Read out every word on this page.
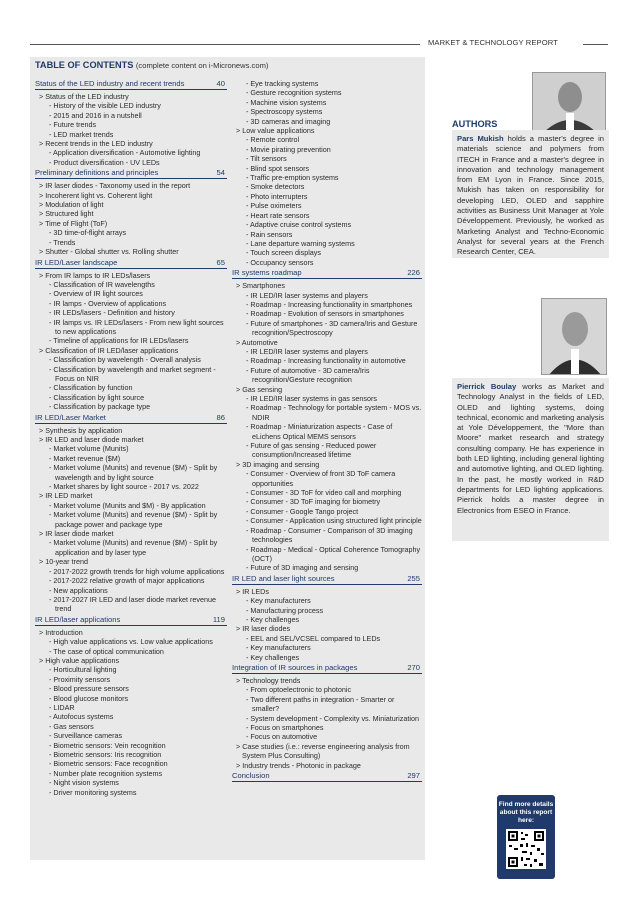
MARKET & TECHNOLOGY REPORT
TABLE OF CONTENTS (complete content on i-Micronews.com)
Status of the LED industry and recent trends	40
> Status of the LED industry
- History of the visible LED industry
- 2015 and 2016 in a nutshell
- Future trends
- LED market trends
> Recent trends in the LED industry
- Application diversification - Automotive lighting
- Product diversification - UV LEDs
Preliminary definitions and principles	54
> IR laser diodes - Taxonomy used in the report
> Incoherent light vs. Coherent light
> Modulation of light
> Structured light
> Time of Flight (ToF)
- 3D time-of-flight arrays
- Trends
> Shutter - Global shutter vs. Rolling shutter
IR LED/Laser landscape	65
> From IR lamps to IR LEDs/lasers
- Classification of IR wavelengths
- Overview of IR light sources
- IR lamps - Overview of applications
- IR LEDs/lasers - Definition and history
- IR lamps vs. IR LEDs/lasers - From new light sources to new applications
- Timeline of applications for IR LEDs/lasers
> Classification of IR LED/laser applications
- Classification by wavelength - Overall analysis
- Classification by wavelength and market segment - Focus on NIR
- Classification by function
- Classification by light source
- Classification by package type
IR LED/Laser Market	86
> Synthesis by application
> IR LED and laser diode market
- Market volume (Munits)
- Market revenue ($M)
- Market volume (Munits) and revenue ($M) - Split by wavelength and by light source
- Market shares by light source - 2017 vs. 2022
> IR LED market
- Market volume (Munits and $M) - By application
- Market volume (Munits) and revenue ($M) - Split by package power and package type
> IR laser diode market
- Market volume (Munits) and revenue ($M) - Split by application and by laser type
> 10-year trend
- 2017-2022 growth trends for high volume applications
- 2017-2022 relative growth of major applications
- New applications
- 2017-2027 IR LED and laser diode market revenue trend
IR LED/laser applications	119
> Introduction
- High value applications vs. Low value applications
- The case of optical communication
> High value applications
- Horticultural lighting
- Proximity sensors
- Blood pressure sensors
- Blood glucose monitors
- LIDAR
- Autofocus systems
- Gas sensors
- Surveillance cameras
- Biometric sensors: Vein recognition
- Biometric sensors: Iris recognition
- Biometric sensors: Face recognition
- Number plate recognition systems
- Night vision systems
- Driver monitoring systems
- Eye tracking systems
- Gesture recognition systems
- Machine vision systems
- Spectroscopy systems
- 3D cameras and imaging
> Low value applications
- Remote control
- Movie pirating prevention
- Tilt sensors
- Blind spot sensors
- Traffic pre-emption systems
- Smoke detectors
- Photo interrupters
- Pulse oximeters
- Heart rate sensors
- Adaptive cruise control systems
- Rain sensors
- Lane departure warning systems
- Touch screen displays
- Occupancy sensors
IR systems roadmap	226
> Smartphones
- IR LED/IR laser systems and players
- Roadmap - Increasing functionality in smartphones
- Roadmap - Evolution of sensors in smartphones
- Future of smartphones - 3D camera/Iris and Gesture recognition/Spectroscopy
> Automotive
- IR LED/IR laser systems and players
- Roadmap - Increasing functionality in automotive
- Future of automotive - 3D camera/Iris recognition/Gesture recognition
> Gas sensing
- IR LED/IR laser systems in gas sensors
- Roadmap - Technology for portable system - MOS vs. NDIR
- Roadmap - Miniaturization aspects - Case of eLichens Optical MEMS sensors
- Future of gas sensing - Reduced power consumption/Increased lifetime
> 3D imaging and sensing
- Consumer - Overview of front 3D ToF camera opportunities
- Consumer - 3D ToF for video call and morphing
- Consumer - 3D ToF imaging for biometry
- Consumer - Google Tango project
- Consumer - Application using structured light principle
- Roadmap - Consumer - Comparison of 3D imaging technologies
- Roadmap - Medical - Optical Coherence Tomography (OCT)
- Future of 3D imaging and sensing
IR LED and laser light sources	255
> IR LEDs
- Key manufacturers
- Manufacturing process
- Key challenges
> IR laser diodes
- EEL and SEL/VCSEL compared to LEDs
- Key manufacturers
- Key challenges
Integration of IR sources in packages	270
> Technology trends
- From optoelectronic to photonic
- Two different paths in integration - Smarter or smaller?
- System development - Complexity vs. Miniaturization
- Focus on smartphones
- Focus on automotive
> Case studies (i.e.: reverse engineering analysis from System Plus Consulting)
> Industry trends - Photonic in package
Conclusion	297
AUTHORS
Pars Mukish holds a master's degree in materials science and polymers from ITECH in France and a master's degree in innovation and technology management from EM Lyon in France. Since 2015, Mukish has taken on responsibility for developing LED, OLED and sapphire activities as Business Unit Manager at Yole Développement. Previously, he worked as Marketing Analyst and Techno-Economic Analyst for several years at the French Research Center, CEA.
Pierrick Boulay works as Market and Technology Analyst in the fields of LED, OLED and lighting systems, doing technical, economic and marketing analysis at Yole Développement, the "More than Moore" market research and strategy consulting company. He has experience in both LED lighting, including general lighting and automotive lighting, and OLED lighting. In the past, he mostly worked in R&D departments for LED lighting applications. Pierrick holds a master degree in Electronics from ESEO in France.
Find more details about this report here:
